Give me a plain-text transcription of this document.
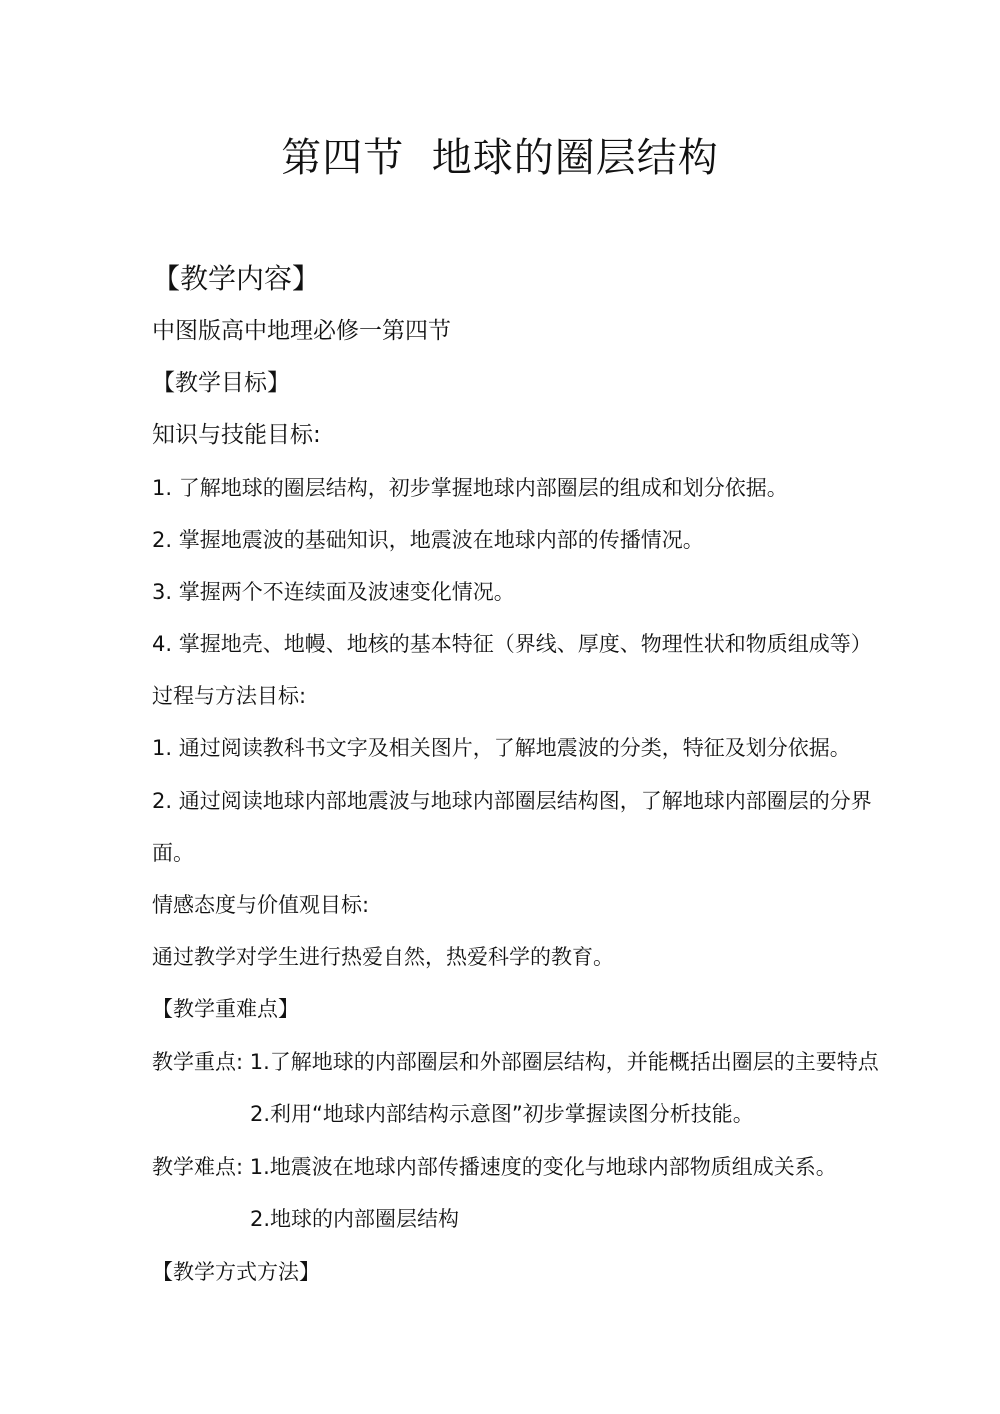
第四节  地球的圈层结构
【教学内容】
中图版高中地理必修一第四节
【教学目标】
知识与技能目标:
1. 了解地球的圈层结构，初步掌握地球内部圈层的组成和划分依据。
2. 掌握地震波的基础知识，地震波在地球内部的传播情况。
3. 掌握两个不连续面及波速变化情况。
4. 掌握地壳、地幔、地核的基本特征（界线、厚度、物理性状和物质组成等）
过程与方法目标:
1. 通过阅读教科书文字及相关图片，了解地震波的分类，特征及划分依据。
2. 通过阅读地球内部地震波与地球内部圈层结构图，了解地球内部圈层的分界
面。
情感态度与价值观目标:
通过教学对学生进行热爱自然，热爱科学的教育。
【教学重难点】
教学重点: 1.了解地球的内部圈层和外部圈层结构，并能概括出圈层的主要特点
2.利用“地球内部结构示意图”初步掌握读图分析技能。
教学难点: 1.地震波在地球内部传播速度的变化与地球内部物质组成关系。
2.地球的内部圈层结构
【教学方式方法】
